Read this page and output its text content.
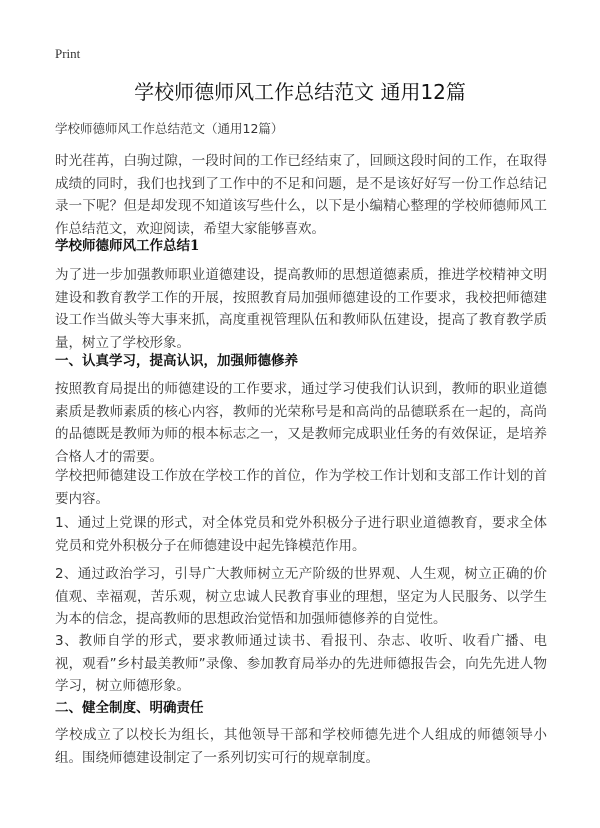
Print
学校师德师风工作总结范文 通用12篇
学校师德师风工作总结范文（通用12篇）

时光荏苒，白驹过隙，一段时间的工作已经结束了，回顾这段时间的工作，在取得成绩的同时，我们也找到了工作中的不足和问题，是不是该好好写一份工作总结记录一下呢？但是却发现不知道该写些什么，以下是小编精心整理的学校师德师风工作总结范文，欢迎阅读，希望大家能够喜欢。

学校师德师风工作总结1

为了进一步加强教师职业道德建设，提高教师的思想道德素质，推进学校精神文明建设和教育教学工作的开展，按照教育局加强师德建设的工作要求，我校把师德建设工作当做头等大事来抓，高度重视管理队伍和教师队伍建设，提高了教育教学质量，树立了学校形象。

一、认真学习，提高认识，加强师德修养

按照教育局提出的师德建设的工作要求，通过学习使我们认识到，教师的职业道德素质是教师素质的核心内容，教师的光荣称号是和高尚的品德联系在一起的，高尚的品德既是教师为师的根本标志之一，又是教师完成职业任务的有效保证，是培养合格人才的需要。

学校把师德建设工作放在学校工作的首位，作为学校工作计划和支部工作计划的首要内容。

1、通过上党课的形式，对全体党员和党外积极分子进行职业道德教育，要求全体党员和党外积极分子在师德建设中起先锋模范作用。

2、通过政治学习，引导广大教师树立无产阶级的世界观、人生观，树立正确的价值观、幸福观，苦乐观，树立忠诚人民教育事业的理想，坚定为人民服务、以学生为本的信念，提高教师的思想政治觉悟和加强师德修养的自觉性。

3、教师自学的形式，要求教师通过读书、看报刊、杂志、收听、收看广播、电视，观看”乡村最美教师”录像、参加教育局举办的先进师德报告会，向先先进人物学习，树立师德形象。

二、健全制度、明确责任

学校成立了以校长为组长，其他领导干部和学校师德先进个人组成的师德领导小组。围绕师德建设制定了一系列切实可行的规章制度。
